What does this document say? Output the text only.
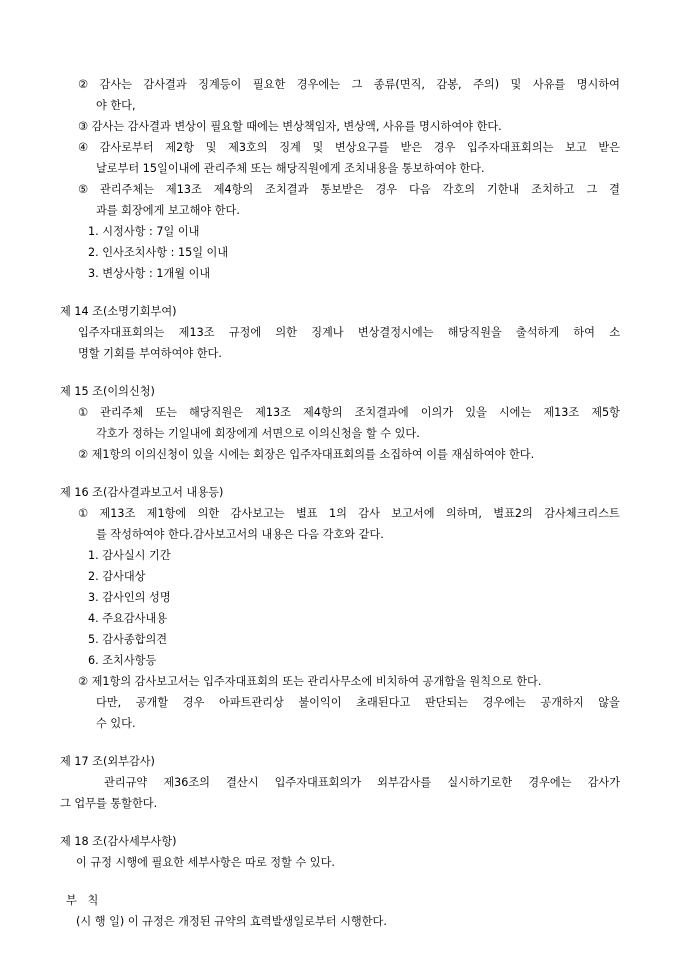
② 감사는 감사결과 징계등이 필요한 경우에는 그 종류(면직, 감봉, 주의) 및 사유를 명시하여
야 한다,
③ 감사는 감사결과 변상이 필요할 때에는 변상책임자, 변상액, 사유를 명시하여야 한다.
④ 감사로부터 제2항 및 제3호의 징계 및 변상요구를 받은 경우 입주자대표회의는 보고 받은
날로부터 15일이내에 관리주체 또는 해당직원에게 조치내용을 통보하여야 한다.
⑤ 관리주체는 제13조 제4항의 조치결과 통보받은 경우 다음 각호의 기한내 조치하고 그 결
과를 회장에게 보고해야 한다.
1. 시정사항 : 7일 이내
2. 인사조치사항 : 15일 이내
3. 변상사항 : 1개월 이내
제 14 조(소명기회부여)
입주자대표회의는 제13조 규정에 의한 징계나 변상결정시에는 해당직원을 출석하게 하여 소
명할 기회를 부여하여야 한다.
제 15 조(이의신청)
① 관리주체 또는 해당직원은 제13조 제4항의 조치결과에 이의가 있을 시에는 제13조 제5항
각호가 정하는 기일내에 회장에게 서면으로 이의신청을 할 수 있다.
② 제1항의 이의신청이 있을 시에는 회장은 입주자대표회의를 소집하여 이를 재심하여야 한다.
제 16 조(감사결과보고서 내용등)
① 제13조 제1항에 의한 감사보고는 별표 1의 감사 보고서에 의하며, 별표2의 감사체크리스트
를 작성하여야 한다.감사보고서의 내용은 다음 각호와 같다.
1. 감사실시 기간
2. 감사대상
3. 감사인의 성명
4. 주요감사내용
5. 감사종합의견
6. 조치사항등
② 제1항의 감사보고서는 입주자대표회의 또는 관리사무소에 비치하여 공개함을 원칙으로 한다.
다만, 공개할 경우 아파트관리상 불이익이 초래된다고 판단되는 경우에는 공개하지 않을
수 있다.
제 17 조(외부감사)
관리규약 제36조의 결산시 입주자대표회의가 외부감사를 실시하기로한 경우에는 감사가
그 업무를 통할한다.
제 18 조(감사세부사항)
이 규정 시행에 필요한 세부사항은 따로 정할 수 있다.
부   칙
(시 행 일) 이 규정은 개정된 규약의 효력발생일로부터 시행한다.
